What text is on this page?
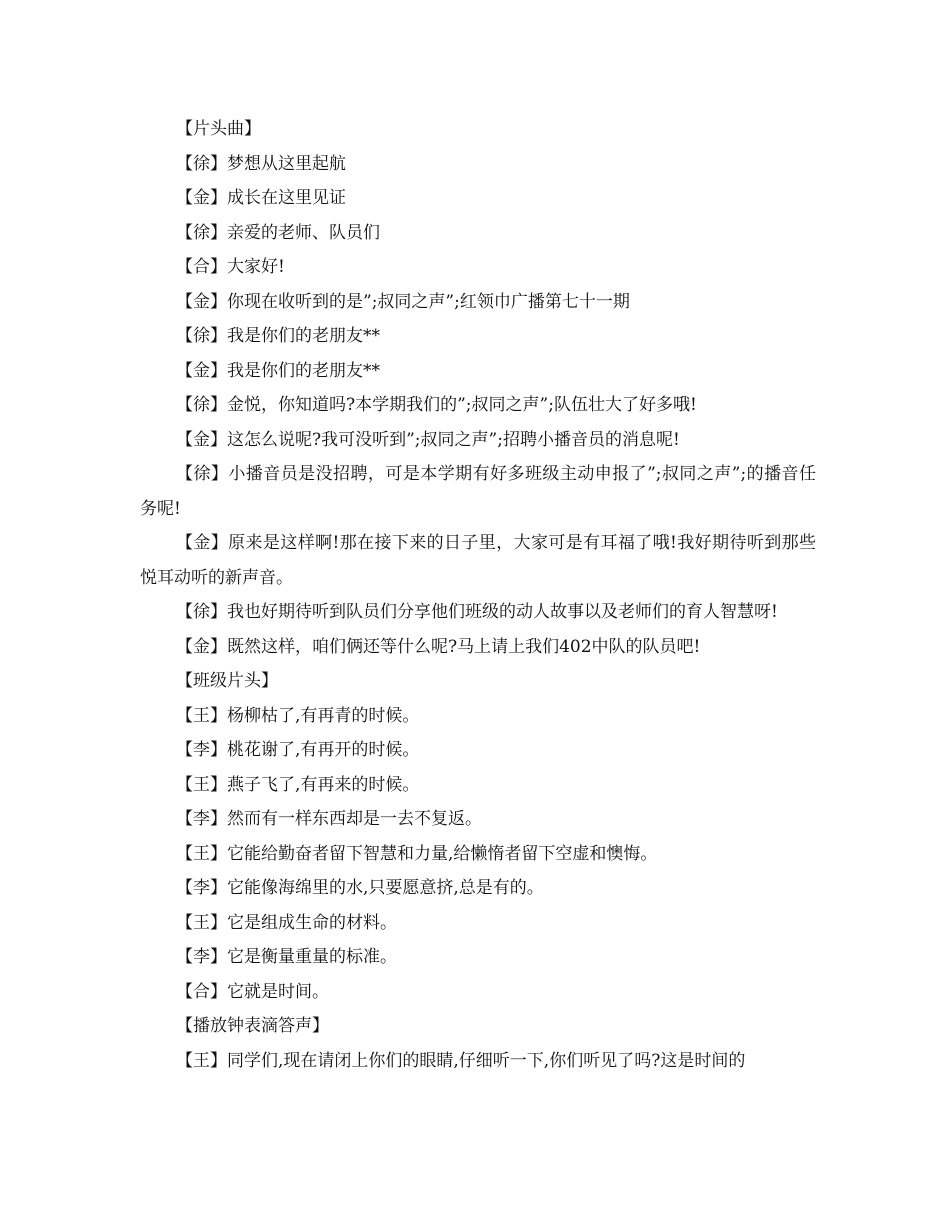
【片头曲】

【徐】梦想从这里起航

【金】成长在这里见证

【徐】亲爱的老师、队员们

【合】大家好!

【金】你现在收听到的是”;叔同之声”;红领巾广播第七十一期

【徐】我是你们的老朋友**

【金】我是你们的老朋友**

【徐】金悦，你知道吗?本学期我们的”;叔同之声”;队伍壮大了好多哦!

【金】这怎么说呢?我可没听到”;叔同之声”;招聘小播音员的消息呢!

【徐】小播音员是没招聘，可是本学期有好多班级主动申报了”;叔同之声”;的播音任务呢!

【金】原来是这样啊!那在接下来的日子里，大家可是有耳福了哦!我好期待听到那些悦耳动听的新声音。

【徐】我也好期待听到队员们分享他们班级的动人故事以及老师们的育人智慧呀!

【金】既然这样，咱们俩还等什么呢?马上请上我们402中队的队员吧!

【班级片头】

【王】杨柳枯了,有再青的时候。

【李】桃花谢了,有再开的时候。

【王】燕子飞了,有再来的时候。

【李】然而有一样东西却是一去不复返。

【王】它能给勤奋者留下智慧和力量,给懒惰者留下空虚和懊悔。

【李】它能像海绵里的水,只要愿意挤,总是有的。

【王】它是组成生命的材料。

【李】它是衡量重量的标准。

【合】它就是时间。

【播放钟表滴答声】

【王】同学们,现在请闭上你们的眼睛,仔细听一下,你们听见了吗?这是时间的
